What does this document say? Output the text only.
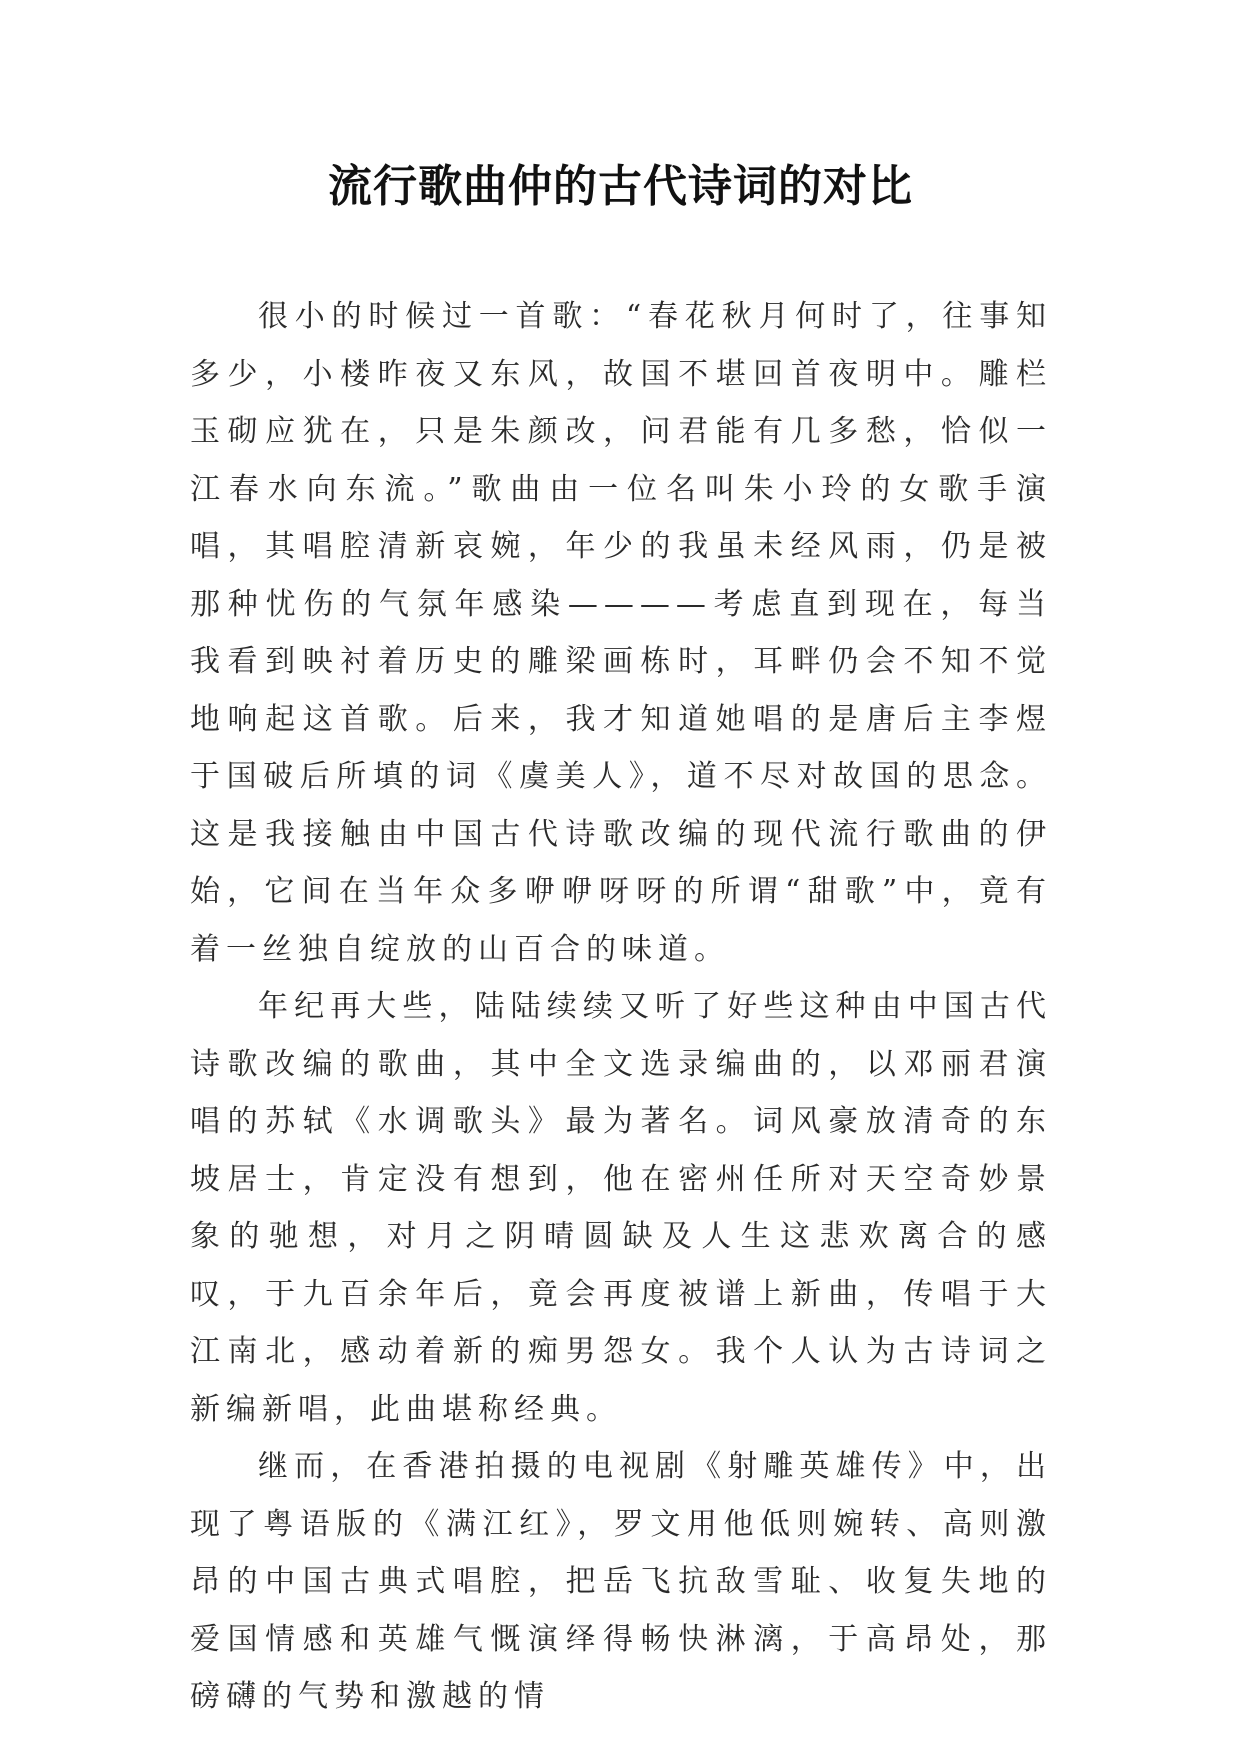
流行歌曲仲的古代诗词的对比

很小的时候过一首歌：“春花秋月何时了，往事知多少，小楼昨夜又东风，故国不堪回首夜明中。雕栏玉砌应犹在，只是朱颜改，问君能有几多愁，恰似一江春水向东流。”歌曲由一位名叫朱小玲的女歌手演唱，其唱腔清新哀婉，年少的我虽未经风雨，仍是被那种忧伤的气氛年感染————考虑直到现在，每当我看到映衬着历史的雕梁画栋时，耳畔仍会不知不觉地响起这首歌。后来，我才知道她唱的是唐后主李煜于国破后所填的词《虞美人》，道不尽对故国的思念。这是我接触由中国古代诗歌改编的现代流行歌曲的伊始，它间在当年众多咿咿呀呀的所谓“甜歌”中，竟有着一丝独自绽放的山百合的味道。

年纪再大些，陆陆续续又听了好些这种由中国古代诗歌改编的歌曲，其中全文选录编曲的，以邓丽君演唱的苏轼《水调歌头》最为著名。词风豪放清奇的东坡居士，肯定没有想到，他在密州任所对天空奇妙景象的驰想，对月之阴晴圆缺及人生这悲欢离合的感叹，于九百余年后，竟会再度被谱上新曲，传唱于大江南北，感动着新的痴男怨女。我个人认为古诗词之新编新唱，此曲堪称经典。

继而，在香港拍摄的电视剧《射雕英雄传》中，出现了粤语版的《满江红》，罗文用他低则婉转、高则激昂的中国古典式唱腔，把岳飞抗敌雪耻、收复失地的爱国情感和英雄气慨演绎得畅快淋漓，于高昂处，那磅礴的气势和激越的情
